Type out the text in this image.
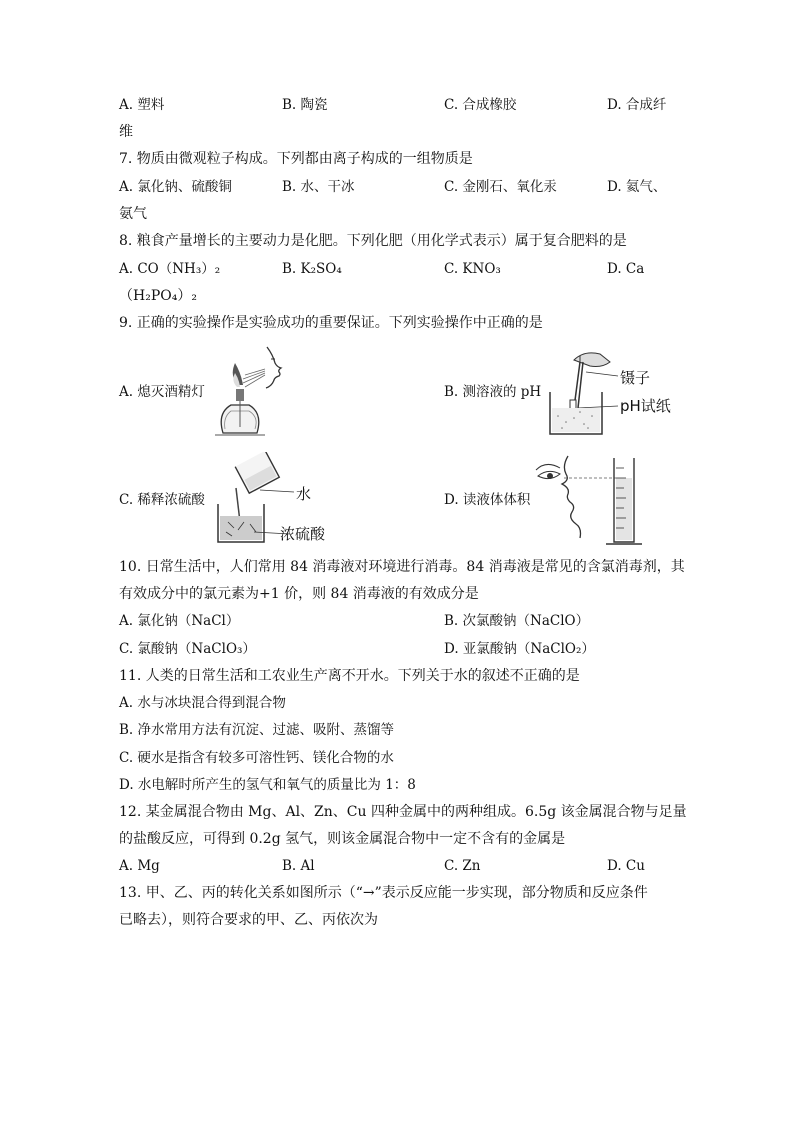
A. 塑料	B. 陶瓷	C. 合成橡胶	D. 合成纤
维
7. 物质由微观粒子构成。下列都由离子构成的一组物质是
A. 氯化钠、硫酸铜	B. 水、干冰	C. 金刚石、氧化汞	D. 氦气、
氨气
8. 粮食产量增长的主要动力是化肥。下列化肥（用化学式表示）属于复合肥料的是
A. CO（NH₃）₂	B. K₂SO₄	C. KNO₃	D. Ca
（H₂PO₄）₂
9. 正确的实验操作是实验成功的重要保证。下列实验操作中正确的是
A. 熄灭酒精灯	B. 测溶液的 pH
C. 稀释浓硫酸	D. 读液体体积
镊子
pH试纸
水
浓硫酸
10. 日常生活中，人们常用 84 消毒液对环境进行消毒。84 消毒液是常见的含氯消毒剂，其
有效成分中的氯元素为+1 价，则 84 消毒液的有效成分是
A. 氯化钠（NaCl）	B. 次氯酸钠（NaClO）
C. 氯酸钠（NaClO₃）	D. 亚氯酸钠（NaClO₂）
11. 人类的日常生活和工农业生产离不开水。下列关于水的叙述不正确的是
A. 水与冰块混合得到混合物
B. 净水常用方法有沉淀、过滤、吸附、蒸馏等
C. 硬水是指含有较多可溶性钙、镁化合物的水
D. 水电解时所产生的氢气和氧气的质量比为 1：8
12. 某金属混合物由 Mg、Al、Zn、Cu 四种金属中的两种组成。6.5g 该金属混合物与足量
的盐酸反应，可得到 0.2g 氢气，则该金属混合物中一定不含有的金属是
A. Mg	B. Al	C. Zn	D. Cu
13. 甲、乙、丙的转化关系如图所示（“→”表示反应能一步实现，部分物质和反应条件
已略去），则符合要求的甲、乙、丙依次为
